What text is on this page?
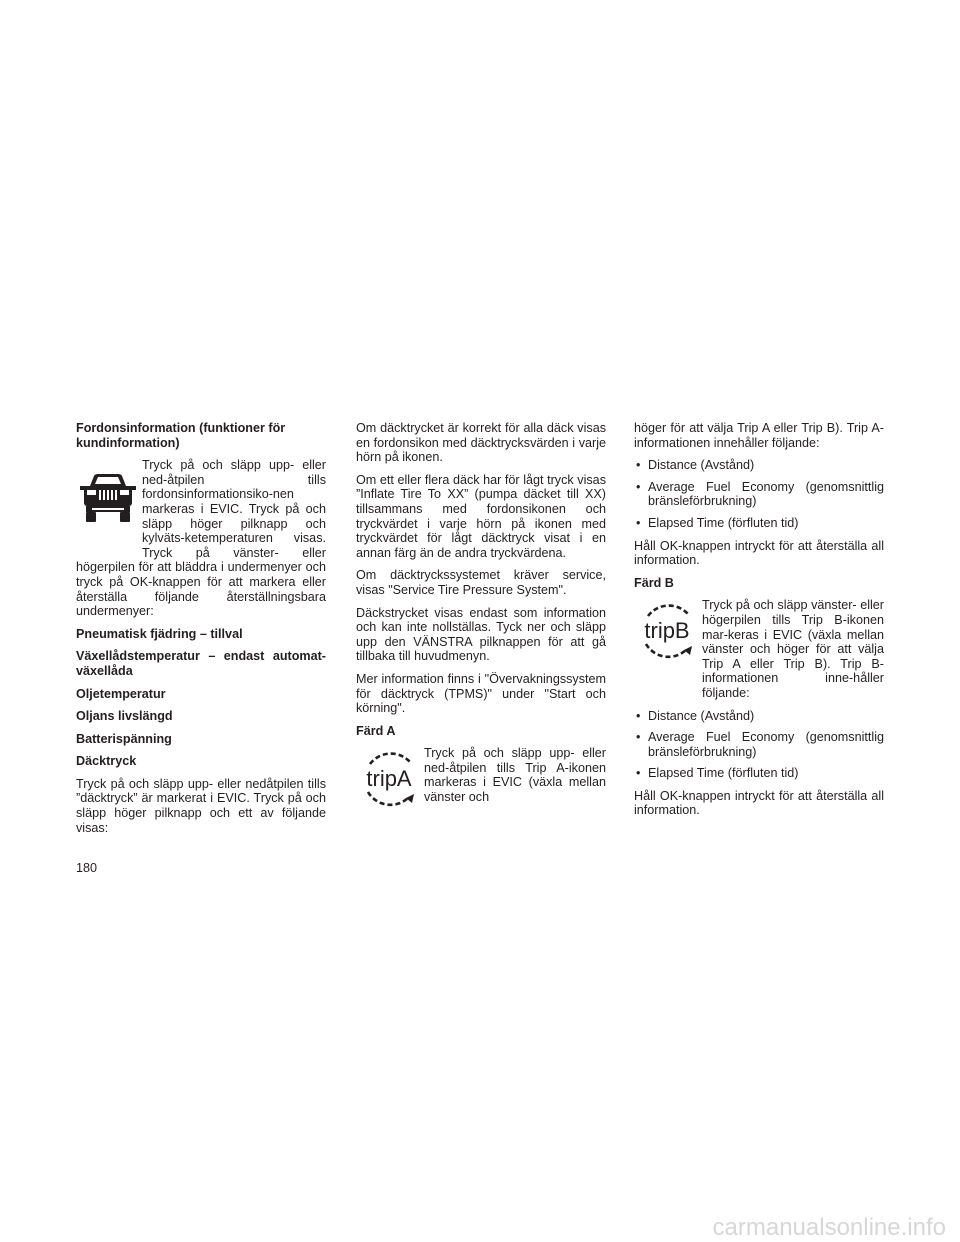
Fordonsinformation (funktioner för kundinformation)

Tryck på och släpp upp- eller ned-åtpilen tills fordonsinformationsiko-nen markeras i EVIC. Tryck på och släpp höger pilknapp och kylväts-ketemperaturen visas. Tryck på vänster- eller högerpilen för att bläddra i undermenyer och tryck på OK-knappen för att markera eller återställa följande återställningsbara undermenyer:

Pneumatisk fjädring – tillval
Växellådstemperatur – endast automat-växellåda
Oljetemperatur
Oljans livslängd
Batterispänning
Däcktryck

Tryck på och släpp upp- eller nedåtpilen tills ”däcktryck” är markerat i EVIC. Tryck på och släpp höger pilknapp och ett av följande visas:

Om däcktrycket är korrekt för alla däck visas en fordonsikon med däcktrycksvärden i varje hörn på ikonen.

Om ett eller flera däck har för lågt tryck visas ”Inflate Tire To XX” (pumpa däcket till XX) tillsammans med fordonsikonen och tryckvärdet i varje hörn på ikonen med tryckvärdet för lågt däcktryck visat i en annan färg än de andra tryckvärdena.

Om däcktryckssystemet kräver service, visas "Service Tire Pressure System".

Däckstrycket visas endast som information och kan inte nollställas. Tyck ner och släpp upp den VÄNSTRA pilknappen för att gå tillbaka till huvudmenyn.

Mer information finns i "Övervakningssystem för däcktryck (TPMS)" under "Start och körning".

Färd A
tripA
Tryck på och släpp upp- eller ned-åtpilen tills Trip A-ikonen markeras i EVIC (växla mellan vänster och

höger för att välja Trip A eller Trip B). Trip A-informationen innehåller följande:

• Distance (Avstånd)
• Average Fuel Economy (genomsnittlig bränsleförbrukning)
• Elapsed Time (förfluten tid)

Håll OK-knappen intryckt för att återställa all information.

Färd B
tripB
Tryck på och släpp vänster- eller högerpilen tills Trip B-ikonen mar-keras i EVIC (växla mellan vänster och höger för att välja Trip A eller Trip B). Trip B-informationen inne-håller följande:
• Distance (Avstånd)
• Average Fuel Economy (genomsnittlig bränsleförbrukning)
• Elapsed Time (förfluten tid)

Håll OK-knappen intryckt för att återställa all information.

180
carmanualsonline.info
